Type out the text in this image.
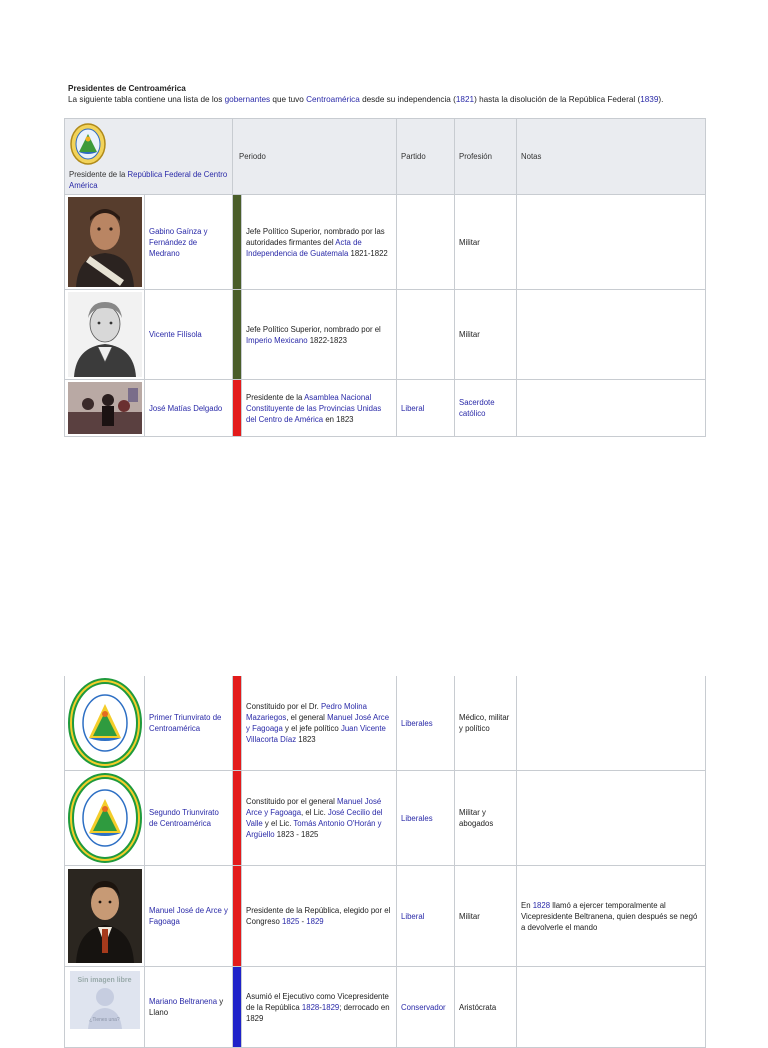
Presidentes de Centroamérica
La siguiente tabla contiene una lista de los gobernantes que tuvo Centroamérica desde su independencia (1821) hasta la disolución de la República Federal (1839).
Presidente de la República Federal de Centro América		Periodo		Partido	Profesión	Notas

	Gabino Gaínza y Fernández de Medrano		Jefe Político Superior, nombrado por las autoridades firmantes del Acta de Independencia de Guatemala 1821-1822		Militar	

	Vicente Filísola		Jefe Político Superior, nombrado por el Imperio Mexicano 1822-1823		Militar	

	José Matías Delgado		Presidente de la Asamblea Nacional Constituyente de las Provincias Unidas del Centro de América en 1823	Liberal	Sacerdote católico	
	Primer Triunvirato de Centroamérica		Constituido por el Dr. Pedro Molina Mazariegos, el general Manuel José Arce y Fagoaga y el jefe político Juan Vicente Villacorta Díaz 1823	Liberales	Médico, militar y político	

	Segundo Triunvirato de Centroamérica		Constituido por el general Manuel José Arce y Fagoaga, el Lic. José Cecilio del Valle y el Lic. Tomás Antonio O'Horán y Argüello 1823 - 1825	Liberales	Militar y abogados	

	Manuel José de Arce y Fagoaga		Presidente de la República, elegido por el Congreso 1825 - 1829	Liberal	Militar	En 1828 llamó a ejercer temporalmente al Vicepresidente Beltranena, quien después se negó a devolverle el mando

Sin imagen libre
¿Tienes una?	Mariano Beltranena y Llano		Asumió el Ejecutivo como Vicepresidente de la República 1828-1829; derrocado en 1829	Conservador	Aristócrata	
